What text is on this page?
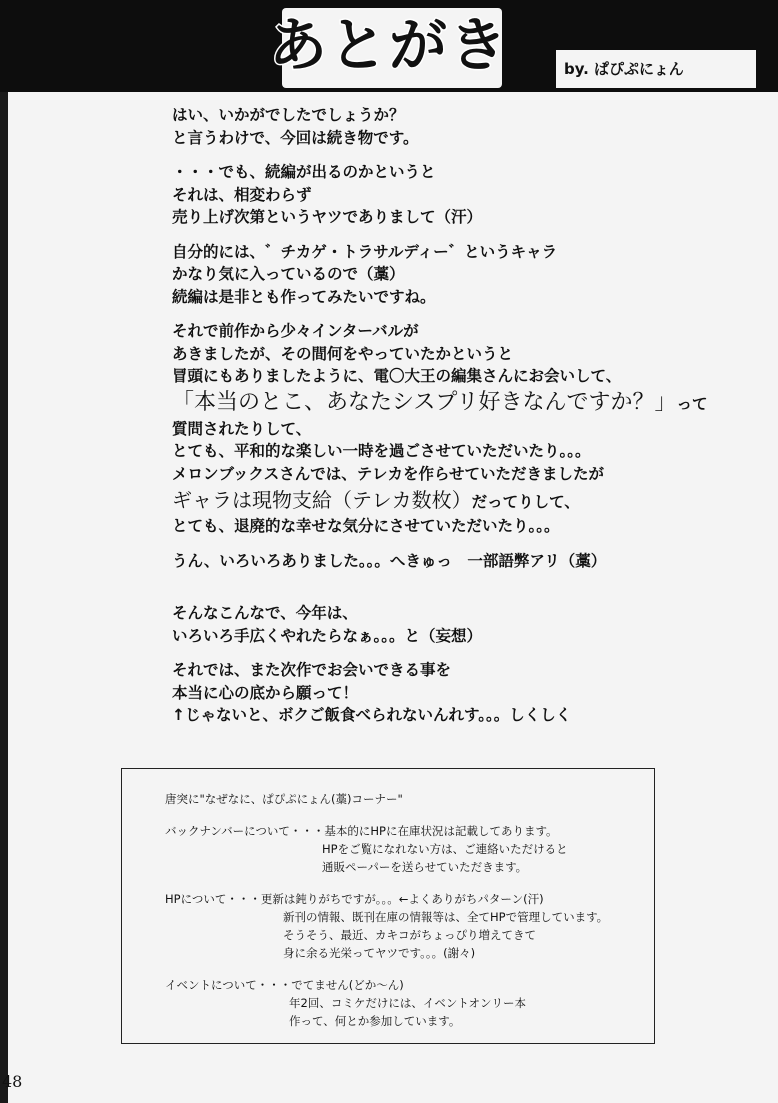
あとがき	by. ぱぴぷにょん
はい、いかがでしたでしょうか？
と言うわけで、今回は続き物です。
・・・でも、続編が出るのかというと
それは、相変わらず
売り上げ次第というヤツでありまして（汗）
自分的には、゛チカゲ・トラサルディー゛というキャラ
かなり気に入っているので（藁）
続編は是非とも作ってみたいですね。
それで前作から少々インターバルが
あきましたが、その間何をやっていたかというと
冒頭にもありましたように、電〇大王の編集さんにお会いして、
「本当のとこ、あなたシスプリ好きなんですか？」って
質問されたりして、
とても、平和的な楽しい一時を過ごさせていただいたり。。。
メロンブックスさんでは、テレカを作らせていただきましたが
ギャラは現物支給（テレカ数枚）だってりして、
とても、退廃的な幸せな気分にさせていただいたり。。。
うん、いろいろありました。。。へきゅっ　一部語弊アリ（藁）
そんなこんなで、今年は、
いろいろ手広くやれたらなぁ。。。と（妄想）
それでは、また次作でお会いできる事を
本当に心の底から願って！
↑じゃないと、ボクご飯食べられないんれす。。。しくしく
唐突に"なぜなに、ぱぴぷにょん(藁)コーナー"
バックナンバーについて・・・基本的にHPに在庫状況は記載してあります。
HPをご覧になれない方は、ご連絡いただけると
通販ペーパーを送らせていただきます。
HPについて・・・更新は鈍りがちですが。。。←よくありがちパターン(汗)
新刊の情報、既刊在庫の情報等は、全てHPで管理しています。
そうそう、最近、カキコがちょっぴり増えてきて
身に余る光栄ってヤツです。。。(謝々)
イベントについて・・・でてません(どか～ん)
年2回、コミケだけには、イベントオンリー本
作って、何とか参加しています。
48
